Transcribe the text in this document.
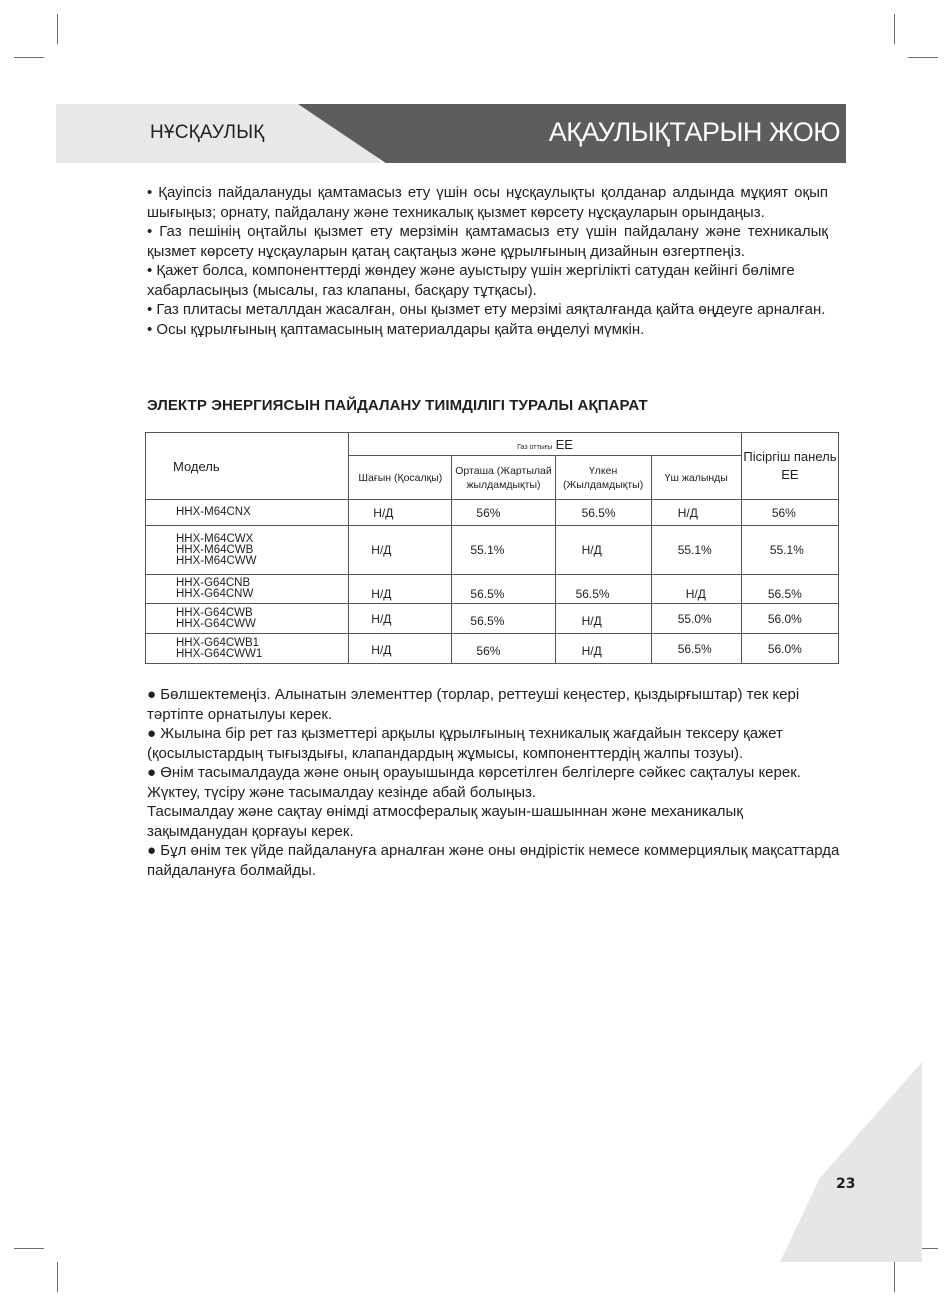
НҰСҚАУЛЫҚ	АҚАУЛЫҚТАРЫН ЖОЮ

• Қауіпсіз пайдалануды қамтамасыз ету үшін осы нұсқаулықты қолданар алдында мұқият оқып шығыңыз; орнату, пайдалану және техникалық қызмет көрсету нұсқауларын орындаңыз.

• Газ пешінің оңтайлы қызмет ету мерзімін қамтамасыз ету үшін пайдалану және техникалық қызмет көрсету нұсқауларын қатаң сақтаңыз және құрылғының дизайнын өзгертпеңіз.

• Қажет болса, компоненттерді жөндеу және ауыстыру үшін жергілікті сатудан кейінгі бөлімге хабарласыңыз (мысалы, газ клапаны, басқару тұтқасы).

• Газ плитасы металлдан жасалған, оны қызмет ету мерзімі аяқталғанда қайта өңдеуге арналған.

• Осы құрылғының қаптамасының материалдары қайта өңделуі мүмкін.

ЭЛЕКТР ЭНЕРГИЯСЫН ПАЙДАЛАНУ ТИІМДІЛІГІ ТУРАЛЫ АҚПАРАТ
Модель	Газ оттығы ЕЕ				Пісіргіш панель ЕЕ
	Шағын (Қосалқы)	Орташа (Жартылай жылдамдықты)	Үлкен (Жылдамдықты)	Үш жалынды	

HHX-M64CNX	Н/Д	56%	56.5%	Н/Д	56%

HHX-M64CWX
HHX-M64CWB
HHX-M64CWW	Н/Д	55.1%	Н/Д	55.1%	55.1%

HHX-G64CNB
HHX-G64CNW	Н/Д	56.5%	56.5%	Н/Д	56.5%

HHX-G64CWB
HHX-G64CWW	Н/Д	56.5%	Н/Д	55.0%	56.0%

HHX-G64CWB1
HHX-G64CWW1	Н/Д	56%	Н/Д	56.5%	56.0%

● Бөлшектемеңіз. Алынатын элементтер (торлар, реттеуші кеңестер, қыздырғыштар) тек кері тәртіпте орнатылуы керек.

● Жылына бір рет газ қызметтері арқылы құрылғының техникалық жағдайын тексеру қажет (қосылыстардың тығыздығы, клапандардың жұмысы, компоненттердің жалпы тозуы).

● Өнім тасымалдауда және оның орауышында көрсетілген белгілерге сәйкес сақталуы керек. Жүктеу, түсіру және тасымалдау кезінде абай болыңыз.

Тасымалдау және сақтау өнімді атмосфералық жауын-шашыннан және механикалық зақымданудан қорғауы керек.

● Бұл өнім тек үйде пайдалануға арналған және оны өндірістік немесе коммерциялық мақсаттарда пайдалануға болмайды.

23
